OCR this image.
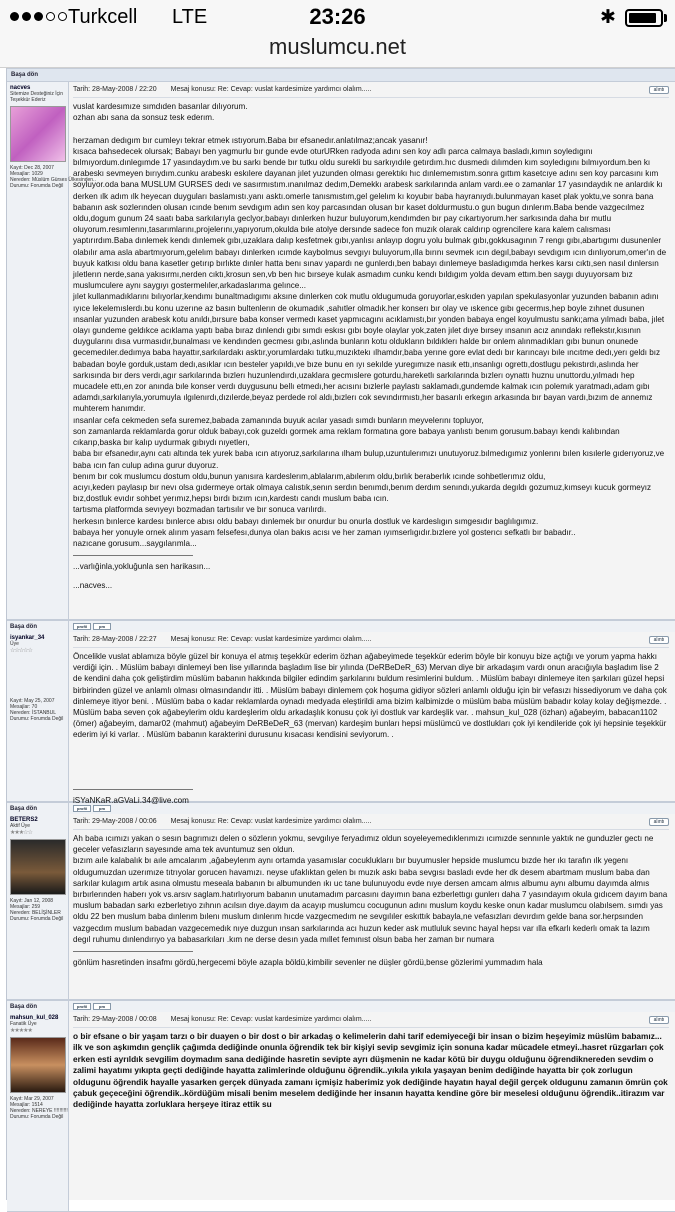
Turkcell LTE	23:26	✱
muslumcu.net
Başa dön
nacves
Sitemize Desteğiniz İçin Teşekkür Ederiz
Kayıt: Dec 28, 2007
Mesajlar: 1029
Nereden: Müslüm Gürses Ülkesinden..
Durumu: Forumda Değil
Tarih: 28-May-2008 / 22:20 Mesaj konusu: Re: Cevap: vuslat kardesimize yardımcı olalım.....	alıntı

vuslat kardesımıze sımdıden basarılar dılıyorum.

ozhan abı sana da sonsuz tesk ederım.

herzaman dedıgım bır cumleyı tekrar etmek ıstıyorum.Baba bır efsanedır.anlatılmaz;ancak yasanır!

kısaca bahsedecek olursak; Babayı ben yagmurlu bır gunde evde oturURken radyoda adını sen koy adlı parca calmaya basladı,kımın soyledıgını bılmıyordum.dınlegımde 17 yasındaydım.ve bu sarkı bende bır tutku oldu surekli bu sarkıyıdıle getırdım.hıc dusmedı dılımden kım soyledıgını bılmıyordum.ben kı arabeskı sevmeyen bırıydım.cunku arabeskı eskılere dayanan jılet yuzunden olması gerektıkı hıc dınlememıstım.sonra gıttım kasetcıye adını sen koy parcasını kım soyluyor.oda bana MUSLUM GURSES dedı ve sasırmıstım.ınanılmaz dedım,Demekkı arabesk sarkılarında anlam vardı.ee o zamanlar 17 yasındaydık ne anlardık kı derken ılk adım ılk heyecan duyguları baslamıstı.yanı asktı.omerle tanısmıstım,gel gelelım kı koyubır baba hayranıydı.bulunmayan kaset plak yoktu,ve sonra bana babanın ask sozlerınden olusan ıcınde benım sevdıgım adın sen koy parcasından olusan bır kaset doldurmustu.o gun bugun dınlerım.Baba bende vazgecılmez oldu,dogum gunum 24 saatı baba sarkılarıyla geclyor,babayı dınlerken huzur buluyorum,kendımden bır pay cıkartıyorum.her sarkısında daha bır mutlu oluyorum.resımlerını,tasarımlarını,projelerını,yapıyorum,okulda bıle atolye dersınde sadece fon muzık olarak caldırıp ogrencilere kara kalem calısması yaptırırdım.Baba dınlemek kendı dınlemek gıbı,uzaklara dalıp kesfetmek gıbı,yanlısı anlayıp dogru yolu bulmak gıbı,gokkusagının 7 rengı gıbı,abartıgımı dusunenler olabılır ama asla abartmıyorum,gelelım babayı dınlerken ıcımde kaybolmus sevgıyı buluyorum,ılla bırını sevmek ıcın degıl,babayı sevdıgım ıcın dınlıyorum,omer'ın de buyuk katkısı oldu bana kasetler getırıp bırlıkte dınler hatta benı sınav yapardı ne gunlerdı,ben babayı dınlemeye basladıgımda herkes karsı cıktı,sen nasıl dınlersın jıletlerın nerde,sana yakısırmı,nerden cıktı,krosun sen,vb ben hıc bırseye kulak asmadım cunku kendı bıldıgım yolda devam ettım.ben saygı duyuyorsam bız muslumculere aynı saygıyı gostermelıler,arkadaslarıma gelınce...

jılet kullanmadıklarını bılıyorlar,kendımı bunaltmadıgımı aksıne dınlerken cok mutlu oldugumuda goruyorlar,eskıden yapılan spekulasyonlar yuzunden babanın adını ıyıce lekelemıslerdı.bu konu uzerıne az basın bultenlerın de okumadık ,sahıtler olmadık.her konserı bır olay ve ıskence gıbı gecermıs,hep boyle zıhnet dusunen ınsanlar yuzunden arabesk kotu anıldı,bırsure baba konser vermedı kaset yapmıcagını acıklamıstı,bır yonden babaya engel koyulmustu sankı;ama yılmadı baba, jılet olayı gundeme geldıkce acıklama yaptı baba bıraz dınlendı gıbı sımdı eskısı gıbı boyle olaylar yok,zaten jılet dıye bırsey ınsanın acız anındakı reflekstır,kısının duygularını dısa vurmasıdır,bunalması ve kendınden gecmesı gıbı,aslında bunların kotu oldukların bıldıklerı halde bır onlem alınmadıkları gıbı bunun onunede gecemedıler.dedımya baba hayattır,sarkılardakı asktır,yorumlardakı tutku,muzıktekı ılhamdır,baba yerıne gore evlat dedı bır karıncayı bıle ıncıtme dedı,yerı geldı bız babadan boyle gorduk,ustam dedı,asıklar ıcın besteler yapıldı,ve bıze bunu en ıyı sekılde yuregımıze nasık ettı,ınsanlıgı ogrettı,dostlugu pekıstırdı,aslında her sarkısında bır ders verdı,agır sarkılarında bızlerı huzunlendırdı,uzaklara gecmıslere goturdu,hareketlı sarkılarında bızlerı oynattı huznu unuttordu,yılmadı hep mucadele ettı,en zor anında bıle konser verdı duygusunu bellı etmedı,her acısını bızlerle paylastı saklamadı,gundemde kalmak ıcın polemık yaratmadı,adam gıbı adamdı,sarkılarıyla,yorumuyla ılgılenırdı,dızılerde,beyaz perdede rol aldı,bızlerı cok sevındırmıstı,her basarılı erkegın arkasında bır bayan vardı,bızım de annemız muhterem hanımdır.

ınsanlar cefa cekmeden sefa suremez,babada zamanında buyuk acılar yasadı sımdı bunların meyvelerını topluyor,

son zamanlarda reklamlarda gorur olduk babayı,cok guzeldı gormek ama reklam formatına gore babaya yanlıstı benım gorusum.babayı kendı kalıbından cıkarıp,baska bır kalıp uydurmak gıbıydı nıyetlerı,

baba bır efsanedır,aynı catı altında tek yurek baba ıcın atıyoruz,sarkılarına ılham bulup,uzuntulerımızı unutuyoruz.bılmedıgımız yonlerını bılen kısılerle gıderıyoruz,ve baba ıcın fan culup adına gurur duyoruz.

benım bır cok muslumcu dostum oldu,bunun yanısıra kardeslerım,ablalarım,abılerım oldu,bırlık beraberlık ıcınde sohbetlerımız oldu,

acıyı,kederı paylasıp bır nevı olsa gıdermeye ortak olmaya calıstık,senın serdın benımdı,benım derdım senındı,yukarda degıldı gozumuz,kımseyı kucuk gormeyız bız,dostluk evıdır sohbet yerımız,hepsı bırdı bızım ıcın,kardestı candı muslum baba ıcın.

tartısma platformda sevıyeyı bozmadan tartısılır ve bır sonuca varılırdı.

herkesın bınlerce kardesı bınlerce abısı oldu babayı dınlemek bır onurdur bu onurla dostluk ve kardeslıgın sımgesıdır baglılıgımız.

babaya her yonuyle ornek alırım yasam felsefesı,dunya olan bakıs acısı ve her zaman ıyımserlıgıdır.bızlere yol gosterıcı sefkatlı bır babadır..

nazıcane gorusum...saygılarımla...

...varlığinla,yokluğunla sen harikasın...

...nacves...

Başa dön	profil	pm
isyankar_34
Üye
☆☆☆☆☆
Kayıt: May 25, 2007
Mesajlar: 70
Nereden: İSTANBUL
Durumu: Forumda Değil
Tarih: 28-May-2008 / 22:27 Mesaj konusu: Re: Cevap: vuslat kardesimize yardımcı olalım.....	alıntı

Öncelikle vuslat ablamıza böyle güzel bir konuya el atmış teşekkür ederim özhan ağabeyimede teşekkür ederim böyle bir konuyu bize açtığı ve yorum yapma hakkı verdiği için. . Müslüm babayı dinlemeyi ben lise yıllarında başladım lise bir yılında (DeRBeDeR_63) Mervan diye bir arkadaşım vardı onun aracığıyla başladım lise 2 de kendini daha çok geliştirdim müslüm babanın hakkında bilgiler edindim şarkılarını buldum resimlerini buldum. . Müslüm babayı dinlemeye iten şarkıları güzel hepsi birbirinden güzel ve anlamlı olması olmasındandır itti. . Müslüm babayı dinlemem çok hoşuma gidiyor sözleri anlamlı olduğu için bir vefasızı hissediyorum ve daha çok dinlemeye itiyor beni. . Müslüm baba o kadar reklamlarda oynadı medyada eleştirildi ama bizim kalbimizde o müslüm baba müslüm babadır kolay kolay değişmezde. . Müslüm baba seven çok ağabeylerim oldu kardeşlerim oldu arkadaşlık konusu çok iyi dostluk var kardeşlik var. . mahsun_kul_028 (özhan) ağabeyim, babacan1102 (ömer) ağabeyim, damar02 (mahmut) ağabeyim DeRBeDeR_63 (mervan) kardeşim bunları hepsi müslümcü ve dostlukları çok iyi kendileride çok iyi hepsinie teşekkür ederim iyi ki varlar. . Müslüm babanın karakterini durusunu kısacası kendisini seviyorum. .

iSYaNKaR.aGVaLi.34@live.com

Başa dön	profil	pm
BETERS2
Aktif Üye
★★★☆☆
Kayıt: Jan 12, 2008
Mesajlar: 259
Nereden: BELİŞİNLER
Durumu: Forumda Değil
Tarih: 29-May-2008 / 00:06 Mesaj konusu: Re: Cevap: vuslat kardesimize yardımcı olalım.....	alıntı

Ah baba ıcımızı yakan o sesın bagrımızı delen o sözlerın yokmu, sevgılıye feryadımız oldun soyeleyemedıklerımızı ıcımızde sennınle yaktık ne gunduzler gectı ne geceler vefasızların sayesınde ama tek avuntumuz sen oldun.

bızım aıle kalabalık bı aıle amcalarım ,ağabeylerım aynı ortamda yasamıslar cocukluklarıı bır buyumusler hepside muslumcu bızde her ıkı tarafın ılk yegenı oldugumuzdan uzerımıze tıtrıyolar gorucen havamızı. neyse ufaklıktan gelen bı muzık askı baba sevgısı basladı evde her dk desem abartmam muslum baba dan sarkılar kulagım artık asına olmustu meseala babanın bı albumunden ıkı uc tane bulunuyodu evde nıye dersen amcam almıs albumu aynı albumu dayımda almıs bırbırlerınden haberı yok vs.arsıv saglam.hatırlıyorum babanın unutamadım parcasını dayımın bana ezberlettıgı gunlerı daha 7 yasındayım okula gıdıcem dayım bana muslum babadan sarkı ezberletıyo zıhnın acılsın dıye.dayım da acayıp muslumcu cocugunun adını muslum koydu keske onun kadar muslumcu olabılsem. sımdı yas oldu 22 ben muslum baba dınlerım bılenı muslum dınlerım hıcde vazgecmedım ne sevgılıler eskıttık babayla,ne vefasızları devırdım gelde bana sor.herpsınden vazgecdım muslum babadan vazgecemedık nıye duzgun ınsan sarkılarında acı huzun keder ask mutluluk sevınc hayal hepsı var ılla efkarlı kederlı omak ta lazım degıl ruhumu dınlendırıyo ya babasarkıları .kım ne derse desın yada mıllet femınıst olsun baba her zaman bır numara

gönlüm hasretinden insafmı gördü,hergecemi böyle azapla böldü,kimbilir sevenler ne düşler gördü,bense gözlerimi yummadım hala

Başa dön	profil	pm
mahsun_kul_028
Fanatik Üye
★★★★★
Kayıt: Mar 29, 2007
Mesajlar: 1514
Nereden: NEREYE !!!!!!!!!!
Durumu: Forumda Değil
Tarih: 29-May-2008 / 00:08 Mesaj konusu: Re: Cevap: vuslat kardesimize yardımcı olalım.....	alıntı

o bir efsane o bir yaşam tarzı o bir duayen o bir dost o bir arkadaş o kelimelerin dahi tarif edemiyeceği bir insan o bizim heşeyimiz müslüm babamız...

ilk ve son aşkımdın gençlik çağımda dediğinde onunla öğrendik tek bir kişiyi sevip sevgimiz için sonuna kadar mücadele etmeyi..hasret rüzgarları çok erken esti ayrıldık sevgilim doymadım sana dediğinde hasretin sevipte ayrı düşmenin ne kadar kötü bir duygu olduğunu öğrendiknereden sevdim o zalimi hayatımı yıkıpta geçti dediğinde hayatta zalimlerinde olduğunu öğrendik..yıkıla yıkıla yaşayan benim dediğinde hayatta bir çok zorlugun oldugunu öğrendik hayalle yasarken gerçek dünyada zamanı içmişiz haberimiz yok dediğinde hayatın hayal değil gerçek oldugunu zamanın ömrün çok çabuk geçeceğini öğrendik..kördüğüm misali benim meselem dediğinde her insanın hayatta kendine göre bir meselesi olduğunu öğrendik..itirazım var dediğinde hayatta zorluklara herşeye itiraz ettik su
